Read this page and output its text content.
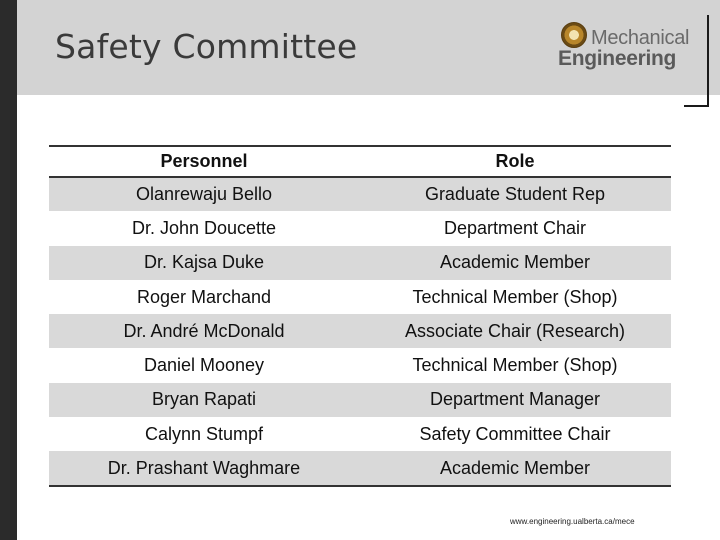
Safety Committee	Mechanical
Engineering
Personnel	Role
Olanrewaju Bello	Graduate Student Rep
Dr. John Doucette	Department Chair
Dr. Kajsa Duke	Academic Member
Roger Marchand	Technical Member (Shop)
Dr. André McDonald	Associate Chair (Research)
Daniel Mooney	Technical Member (Shop)
Bryan Rapati	Department Manager
Calynn Stumpf	Safety Committee Chair
Dr. Prashant Waghmare	Academic Member
www.engineering.ualberta.ca/mece
